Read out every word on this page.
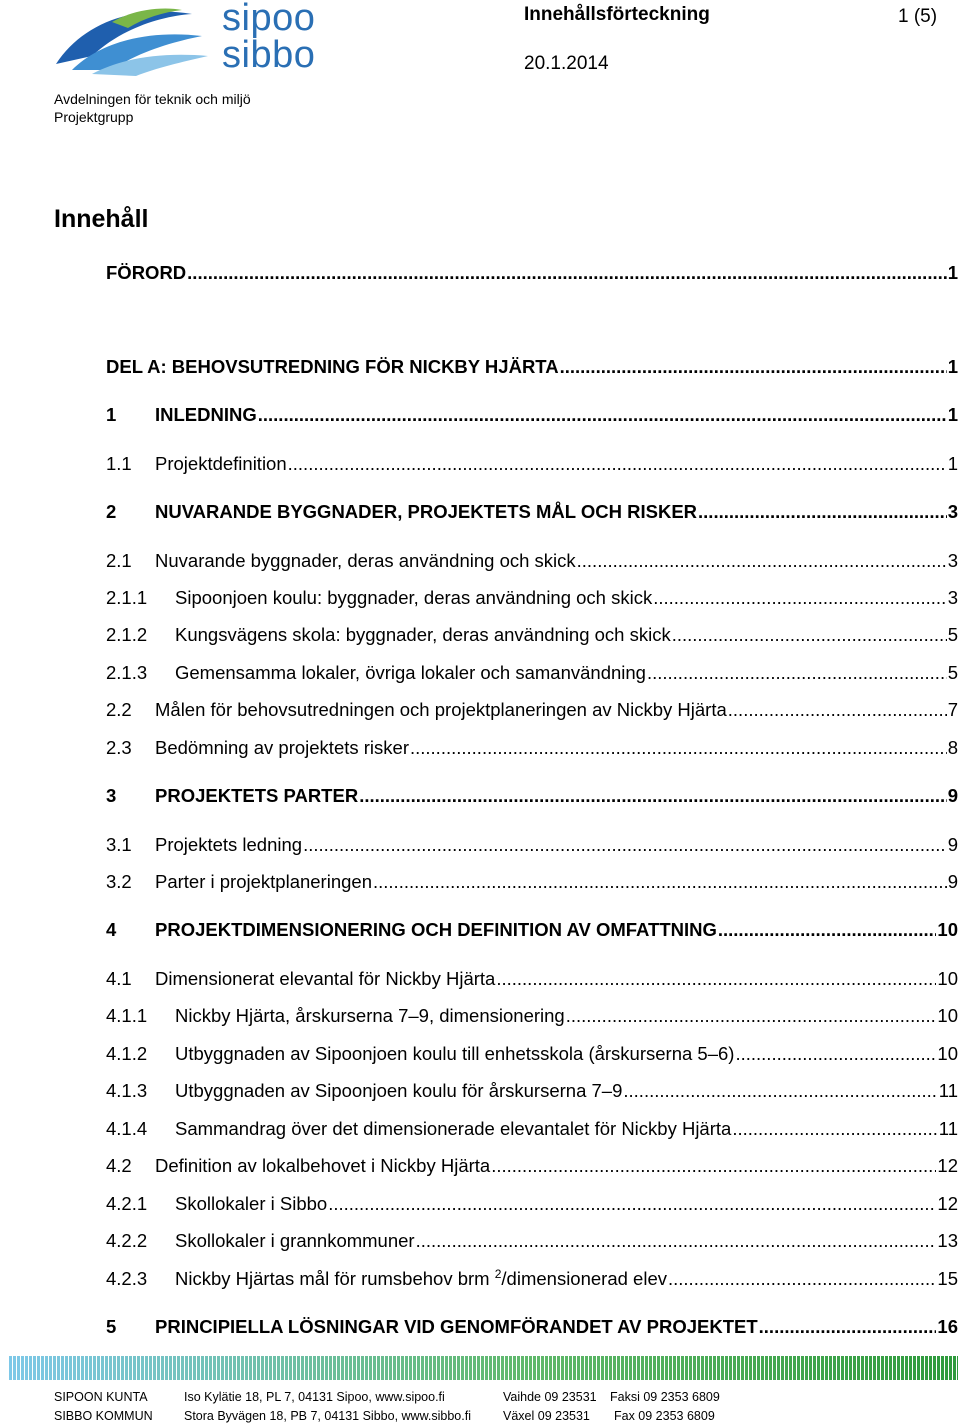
sipoo
sibbo
Avdelningen för teknik och miljö
Projektgrupp
Innehållsförteckning	1 (5)
20.1.2014
Innehåll
FÖRORD .....	1
DEL A: BEHOVSUTREDNING FÖR NICKBY HJÄRTA .....	1
1	INLEDNING .....	1
1.1	Projektdefinition .....	1
2	NUVARANDE BYGGNADER, PROJEKTETS MÅL OCH RISKER .....	3
2.1	Nuvarande byggnader, deras användning och skick .....	3
2.1.1	Sipoonjoen koulu: byggnader, deras användning och skick .....	3
2.1.2	Kungsvägens skola: byggnader, deras användning och skick .....	5
2.1.3	Gemensamma lokaler, övriga lokaler och samanvändning .....	5
2.2	Målen för behovsutredningen och projektplaneringen av Nickby Hjärta .....	7
2.3	Bedömning av projektets risker .....	8
3	PROJEKTETS PARTER .....	9
3.1	Projektets ledning .....	9
3.2	Parter i projektplaneringen .....	9
4	PROJEKTDIMENSIONERING OCH DEFINITION AV OMFATTNING .....	10
4.1	Dimensionerat elevantal för Nickby Hjärta .....	10
4.1.1	Nickby Hjärta, årskurserna 7–9, dimensionering .....	10
4.1.2	Utbyggnaden av Sipoonjoen koulu till enhetsskola (årskurserna 5–6) .....	10
4.1.3	Utbyggnaden av Sipoonjoen koulu för årskurserna 7–9 .....	11
4.1.4	Sammandrag över det dimensionerade elevantalet för Nickby Hjärta .....	11
4.2	Definition av lokalbehovet i Nickby Hjärta .....	12
4.2.1	Skollokaler i Sibbo .....	12
4.2.2	Skollokaler i grannkommuner .....	13
4.2.3	Nickby Hjärtas mål för rumsbehov brm $^2$/dimensionerad elev .....	15
5	PRINCIPIELLA LÖSNINGAR VID GENOMFÖRANDET AV PROJEKTET .....	16
SIPOON KUNTA	Iso Kylätie 18, PL 7, 04131 Sipoo, www.sipoo.fi	Vaihde 09 23531 Faksi 09 2353 6809
SIBBO KOMMUN	Stora Byvägen 18, PB 7, 04131 Sibbo, www.sibbo.fi	Växel 09 23531 Fax 09 2353 6809
